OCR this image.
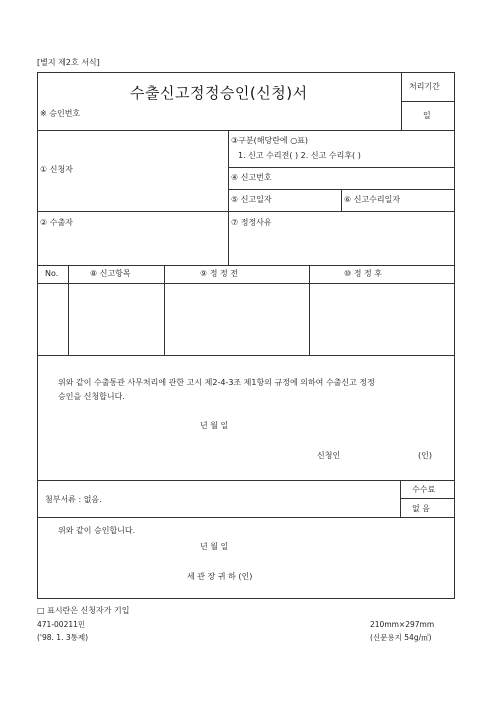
[별지 제2호 서식]
수출신고정정승인(신청)서	처리기간
일
※ 승인번호
① 신청자
③구분(해당란에 ○표)
1. 신고 수리전( ) 2. 신고 수리후( )
④ 신고번호
⑤ 신고일자	⑥ 신고수리일자
② 수출자	⑦ 정정사유
No.	⑧ 신고항목	⑨ 정 정 전	⑩ 정 정 후
위와 같이 수출통관 사무처리에 관한 고시 제2-4-3조 제1항의 규정에 의하여 수출신고 정정
승인을 신청합니다.
년 월 일
신청인	(인)
첨부서류 : 없음.
수수료
없 음
위와 같이 승인합니다.
년 월 일
세 관 장 귀 하 (인)
□ 표시란은 신청자가 기입
471-00211민
('98. 1. 3통제)
210mm×297mm
(신문용지 54g/㎡)
